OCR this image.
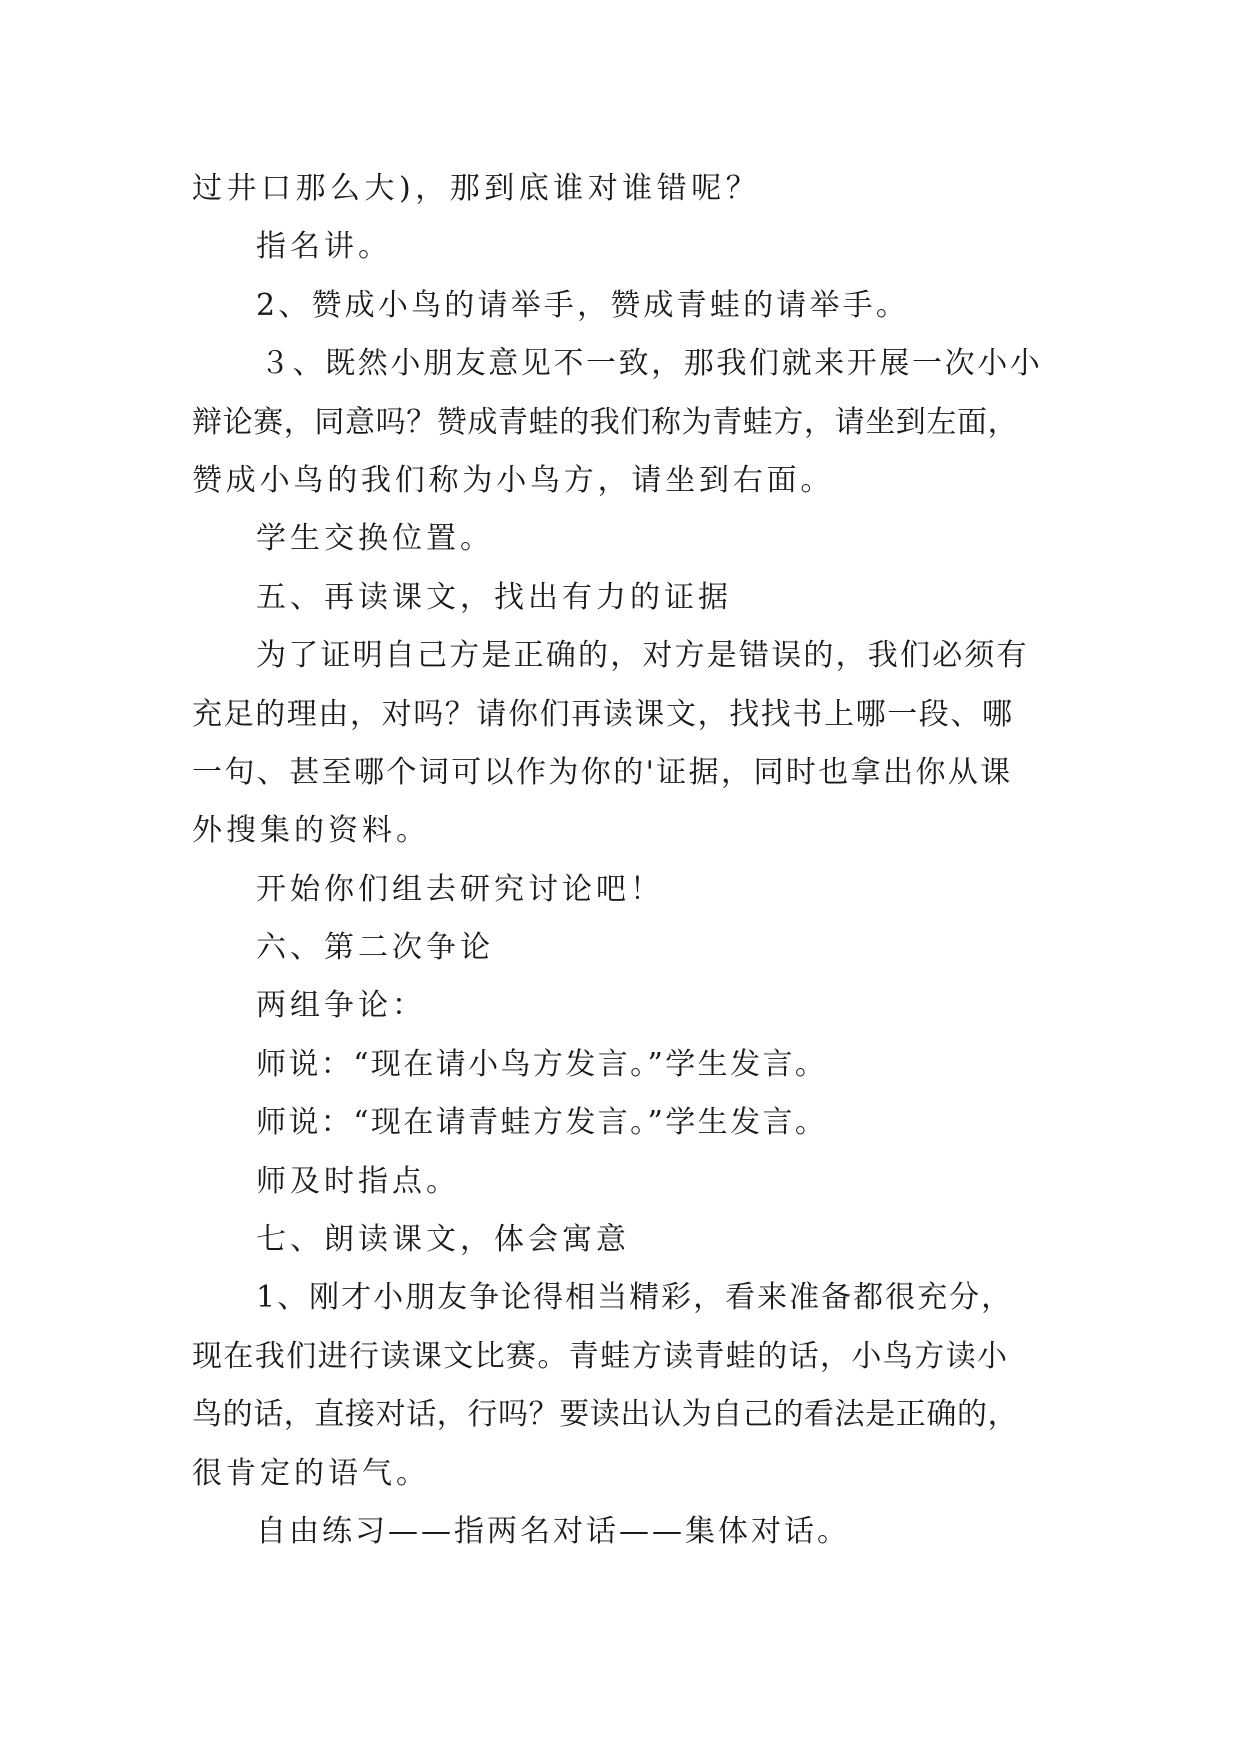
过井口那么大)，那到底谁对谁错呢？
指名讲。
2、赞成小鸟的请举手，赞成青蛙的请举手。
３、既然小朋友意见不一致，那我们就来开展一次小小
辩论赛，同意吗？赞成青蛙的我们称为青蛙方，请坐到左面，
赞成小鸟的我们称为小鸟方，请坐到右面。
学生交换位置。
五、再读课文，找出有力的证据
为了证明自己方是正确的，对方是错误的，我们必须有
充足的理由，对吗？请你们再读课文，找找书上哪一段、哪
一句、甚至哪个词可以作为你的'证据，同时也拿出你从课
外搜集的资料。
开始你们组去研究讨论吧！
六、第二次争论
两组争论：
师说：“现在请小鸟方发言。”学生发言。
师说：“现在请青蛙方发言。”学生发言。
师及时指点。
七、朗读课文，体会寓意
1、刚才小朋友争论得相当精彩，看来准备都很充分，
现在我们进行读课文比赛。青蛙方读青蛙的话，小鸟方读小
鸟的话，直接对话，行吗？要读出认为自己的看法是正确的，
很肯定的语气。
自由练习——指两名对话——集体对话。
